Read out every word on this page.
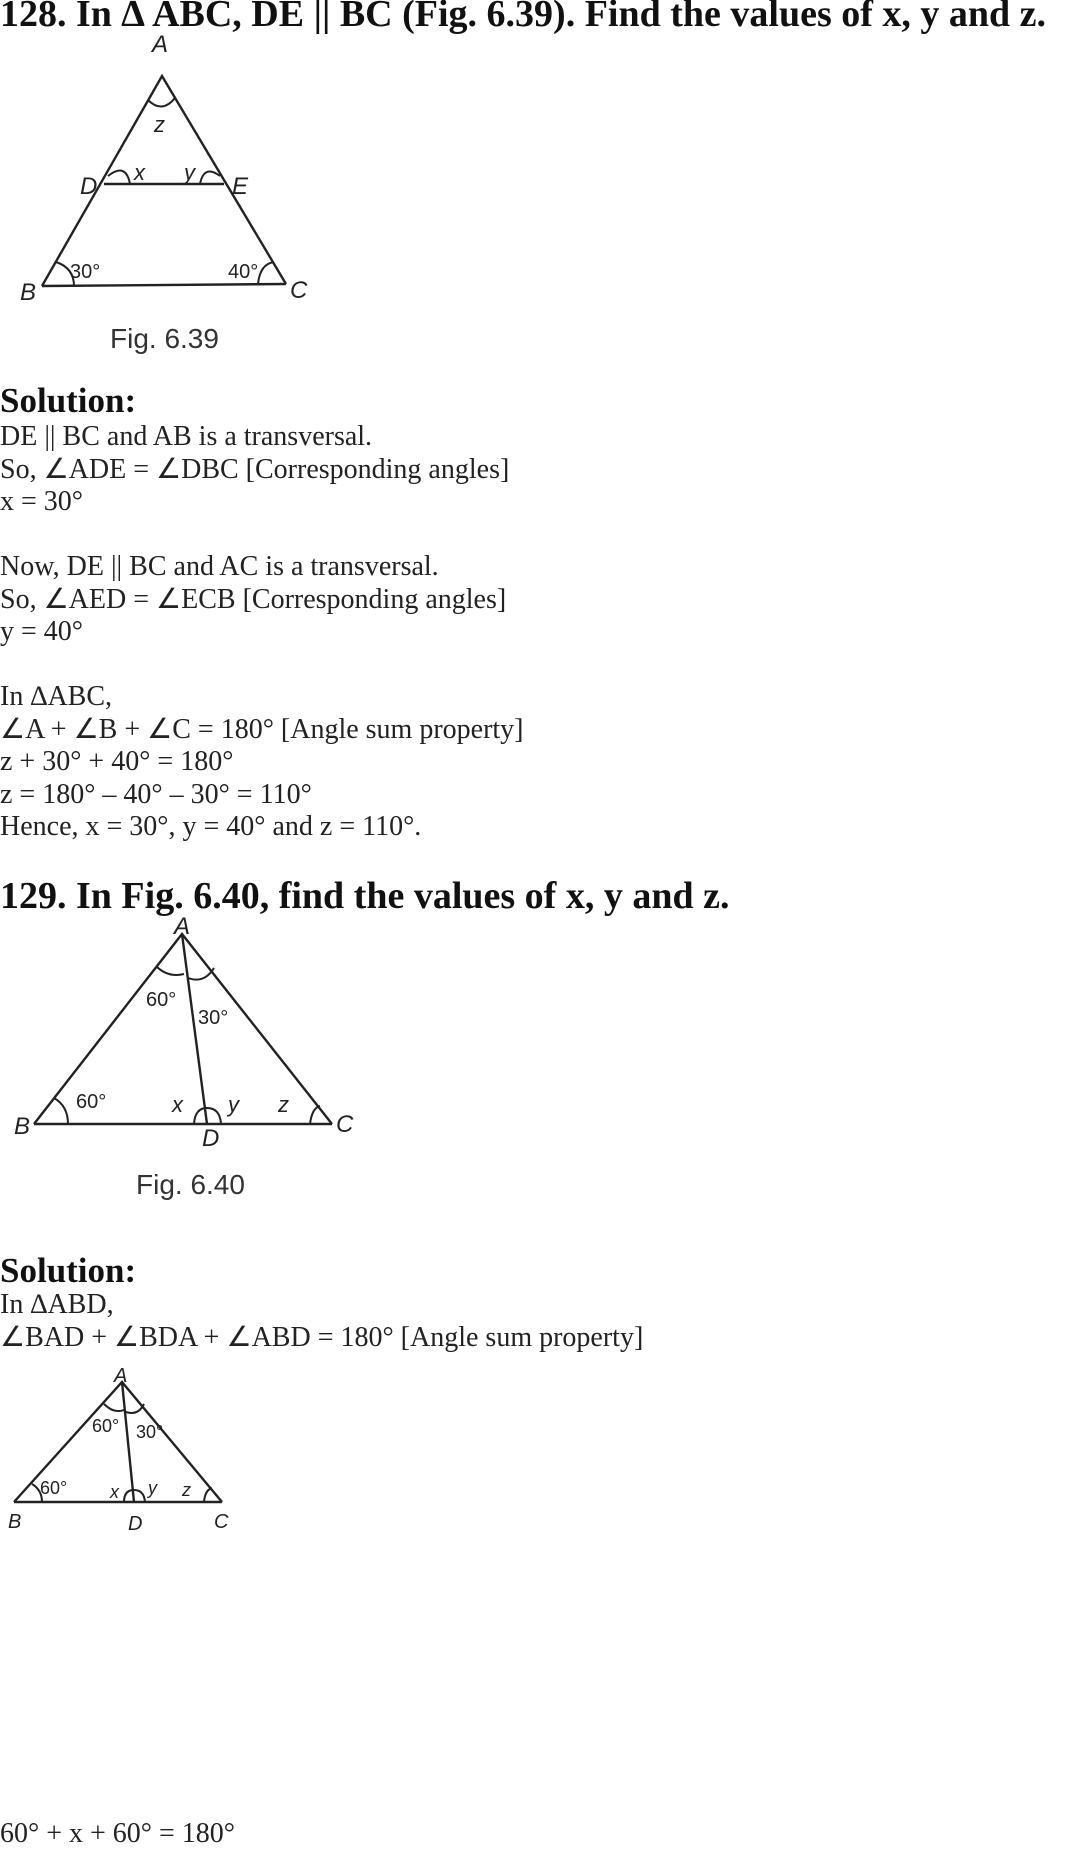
128. In ∆ ABC, DE || BC (Fig. 6.39). Find the values of x, y and z.
A
D	E
B	C
z
x y
30°	40°
Fig. 6.39
Solution:

DE || BC and AB is a transversal.

So, ∠ADE = ∠DBC [Corresponding angles]

x = 30°

Now, DE || BC and AC is a transversal.

So, ∠AED = ∠ECB [Corresponding angles]

y = 40°

In ∆ABC,

∠A + ∠B + ∠C = 180° [Angle sum property]

z + 30° + 40° = 180°

z = 180° – 40° – 30° = 110°

Hence, x = 30°, y = 40° and z = 110°.

129. In Fig. 6.40, find the values of x, y and z.
A
B	C
D
60°
30°
60°	x y z
Fig. 6.40
Solution:

In ∆ABD,

∠BAD + ∠BDA + ∠ABD = 180° [Angle sum property]

A
B	C
D
60° 30°
60° x y z

60° + x + 60° = 180°
